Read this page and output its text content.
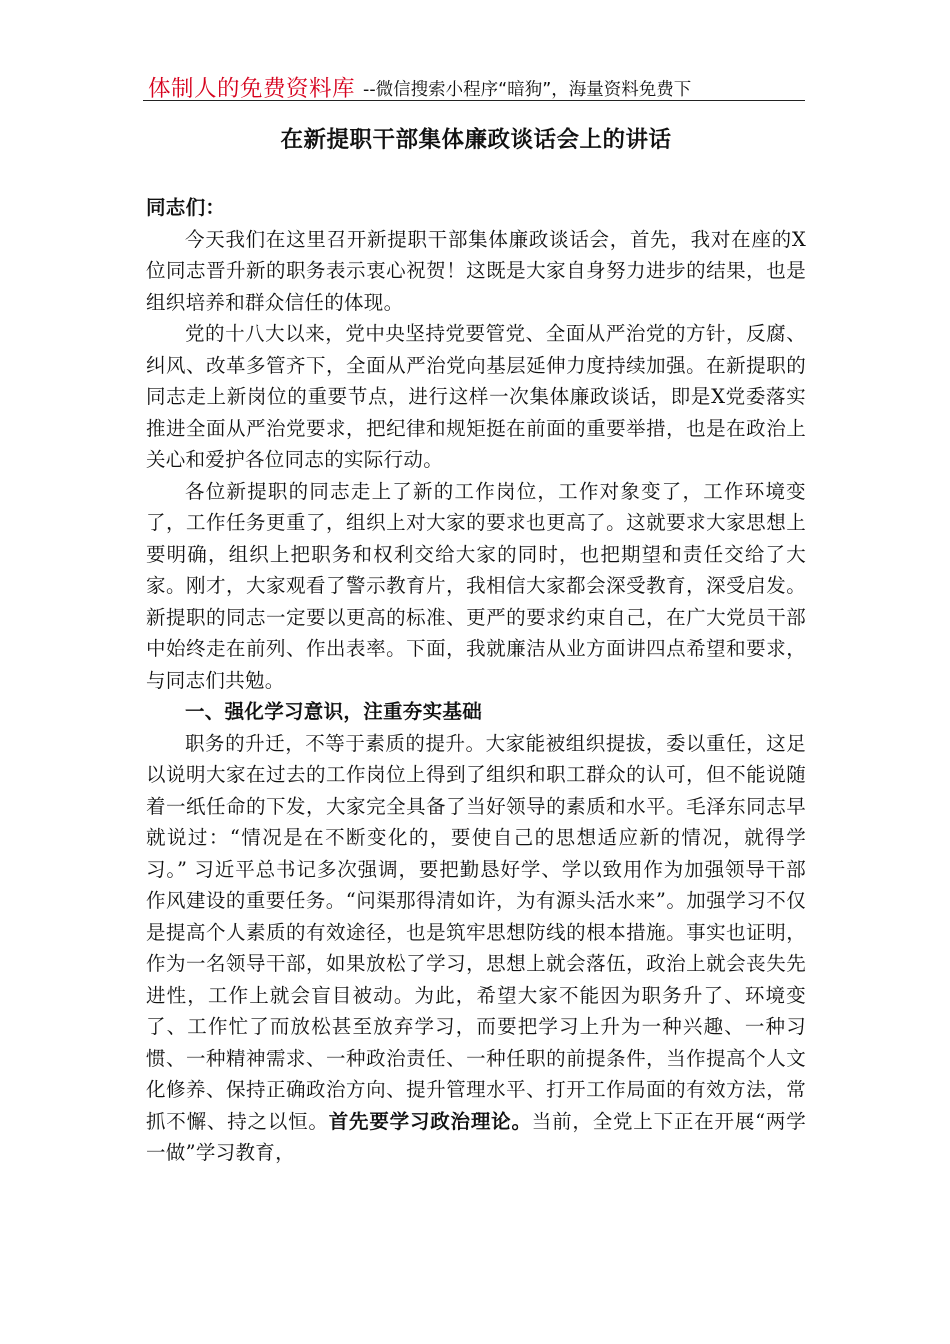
体制人的免费资料库 --微信搜索小程序“暗狗”，海量资料免费下
在新提职干部集体廉政谈话会上的讲话

同志们：

今天我们在这里召开新提职干部集体廉政谈话会，首先，我对在座的X位同志晋升新的职务表示衷心祝贺！这既是大家自身努力进步的结果，也是组织培养和群众信任的体现。

党的十八大以来，党中央坚持党要管党、全面从严治党的方针，反腐、纠风、改革多管齐下，全面从严治党向基层延伸力度持续加强。在新提职的同志走上新岗位的重要节点，进行这样一次集体廉政谈话，即是X党委落实推进全面从严治党要求，把纪律和规矩挺在前面的重要举措，也是在政治上关心和爱护各位同志的实际行动。

各位新提职的同志走上了新的工作岗位，工作对象变了，工作环境变了，工作任务更重了，组织上对大家的要求也更高了。这就要求大家思想上要明确，组织上把职务和权利交给大家的同时，也把期望和责任交给了大家。刚才，大家观看了警示教育片，我相信大家都会深受教育，深受启发。新提职的同志一定要以更高的标准、更严的要求约束自己，在广大党员干部中始终走在前列、作出表率。下面，我就廉洁从业方面讲四点希望和要求，与同志们共勉。

一、强化学习意识，注重夯实基础

职务的升迁，不等于素质的提升。大家能被组织提拔，委以重任，这足以说明大家在过去的工作岗位上得到了组织和职工群众的认可，但不能说随着一纸任命的下发，大家完全具备了当好领导的素质和水平。毛泽东同志早就说过：“情况是在不断变化的，要使自己的思想适应新的情况，就得学习。” 习近平总书记多次强调，要把勤恳好学、学以致用作为加强领导干部作风建设的重要任务。“问渠那得清如许，为有源头活水来”。加强学习不仅是提高个人素质的有效途径，也是筑牢思想防线的根本措施。事实也证明，作为一名领导干部，如果放松了学习，思想上就会落伍，政治上就会丧失先进性，工作上就会盲目被动。为此，希望大家不能因为职务升了、环境变了、工作忙了而放松甚至放弃学习，而要把学习上升为一种兴趣、一种习惯、一种精神需求、一种政治责任、一种任职的前提条件，当作提高个人文化修养、保持正确政治方向、提升管理水平、打开工作局面的有效方法，常抓不懈、持之以恒。首先要学习政治理论。当前，全党上下正在开展“两学一做”学习教育，
